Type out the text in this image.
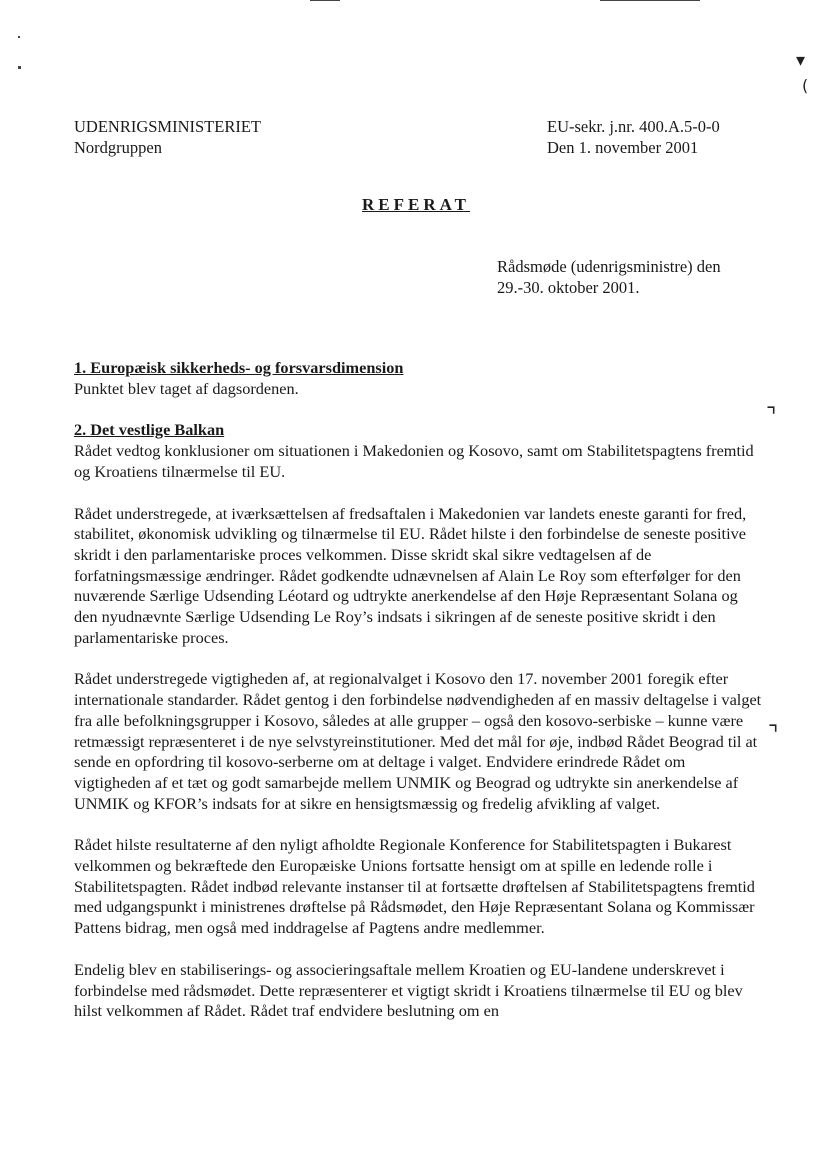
▾
(
⌝
⌝
UDENRIGSMINISTERIET
Nordgruppen
EU-sekr. j.nr. 400.A.5-0-0
Den 1. november 2001
REFERAT
Rådsmøde (udenrigsministre) den
29.-30. oktober 2001.
1. Europæisk sikkerheds- og forsvarsdimension

Punktet blev taget af dagsordenen.

2. Det vestlige Balkan

Rådet vedtog konklusioner om situationen i Makedonien og Kosovo, samt om Stabilitetspagtens fremtid og Kroatiens tilnærmelse til EU.

Rådet understregede, at iværksættelsen af fredsaftalen i Makedonien var landets eneste garanti for fred, stabilitet, økonomisk udvikling og tilnærmelse til EU. Rådet hilste i den forbindelse de seneste positive skridt i den parlamentariske proces velkommen. Disse skridt skal sikre vedtagelsen af de forfatningsmæssige ændringer. Rådet godkendte udnævnelsen af Alain Le Roy som efterfølger for den nuværende Særlige Udsending Léotard og udtrykte anerkendelse af den Høje Repræsentant Solana og den nyudnævnte Særlige Udsending Le Roy’s indsats i sikringen af de seneste positive skridt i den parlamentariske proces.

Rådet understregede vigtigheden af, at regionalvalget i Kosovo den 17. november 2001 foregik efter internationale standarder. Rådet gentog i den forbindelse nødvendigheden af en massiv deltagelse i valget fra alle befolkningsgrupper i Kosovo, således at alle grupper – også den kosovo-serbiske – kunne være retmæssigt repræsenteret i de nye selvstyreinstitutioner. Med det mål for øje, indbød Rådet Beograd til at sende en opfordring til kosovo-serberne om at deltage i valget. Endvidere erindrede Rådet om vigtigheden af et tæt og godt samarbejde mellem UNMIK og Beograd og udtrykte sin anerkendelse af UNMIK og KFOR’s indsats for at sikre en hensigtsmæssig og fredelig afvikling af valget.

Rådet hilste resultaterne af den nyligt afholdte Regionale Konference for Stabilitetspagten i Bukarest velkommen og bekræftede den Europæiske Unions fortsatte hensigt om at spille en ledende rolle i Stabilitetspagten. Rådet indbød relevante instanser til at fortsætte drøftelsen af Stabilitetspagtens fremtid med udgangspunkt i ministrenes drøftelse på Rådsmødet, den Høje Repræsentant Solana og Kommissær Pattens bidrag, men også med inddragelse af Pagtens andre medlemmer.

Endelig blev en stabiliserings- og associeringsaftale mellem Kroatien og EU-landene underskrevet i forbindelse med rådsmødet. Dette repræsenterer et vigtigt skridt i Kroatiens tilnærmelse til EU og blev hilst velkommen af Rådet. Rådet traf endvidere beslutning om en
